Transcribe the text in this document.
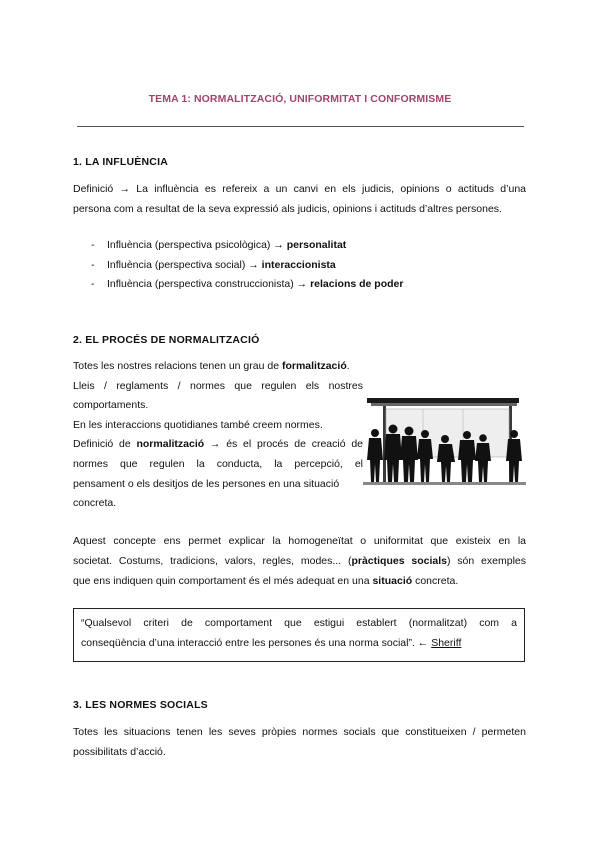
TEMA 1: NORMALITZACIÓ, UNIFORMITAT I CONFORMISME
1. LA INFLUÈNCIA
Definició → La influència es refereix a un canvi en els judicis, opinions o actituds d’una
persona com a resultat de la seva expressió als judicis, opinions i actituds d’altres persones.
- Influència (perspectiva psicològica) → personalitat
- Influència (perspectiva social) → interaccionista
- Influència (perspectiva construccionista) → relacions de poder
2. EL PROCÉS DE NORMALITZACIÓ
Totes les nostres relacions tenen un grau de formalització.
Lleis / reglaments / normes que regulen els nostres
comportaments.
En les interaccions quotidianes també creem normes.
Definició de normalització → és el procés de creació de
normes que regulen la conducta, la percepció, el
pensament o els desitjos de les persones en una situació
concreta.
Aquest concepte ens permet explicar la homogeneïtat o uniformitat que existeix en la
societat. Costums, tradicions, valors, regles, modes... (pràctiques socials) són exemples
que ens indiquen quin comportament és el més adequat en una situació concreta.
“Qualsevol criteri de comportament que estigui establert (normalitzat) com a
conseqüència d’una interacció entre les persones és una norma social”. ← Sheriff
3. LES NORMES SOCIALS
Totes les situacions tenen les seves pròpies normes socials que constitueixen / permeten
possibilitats d’acció.
